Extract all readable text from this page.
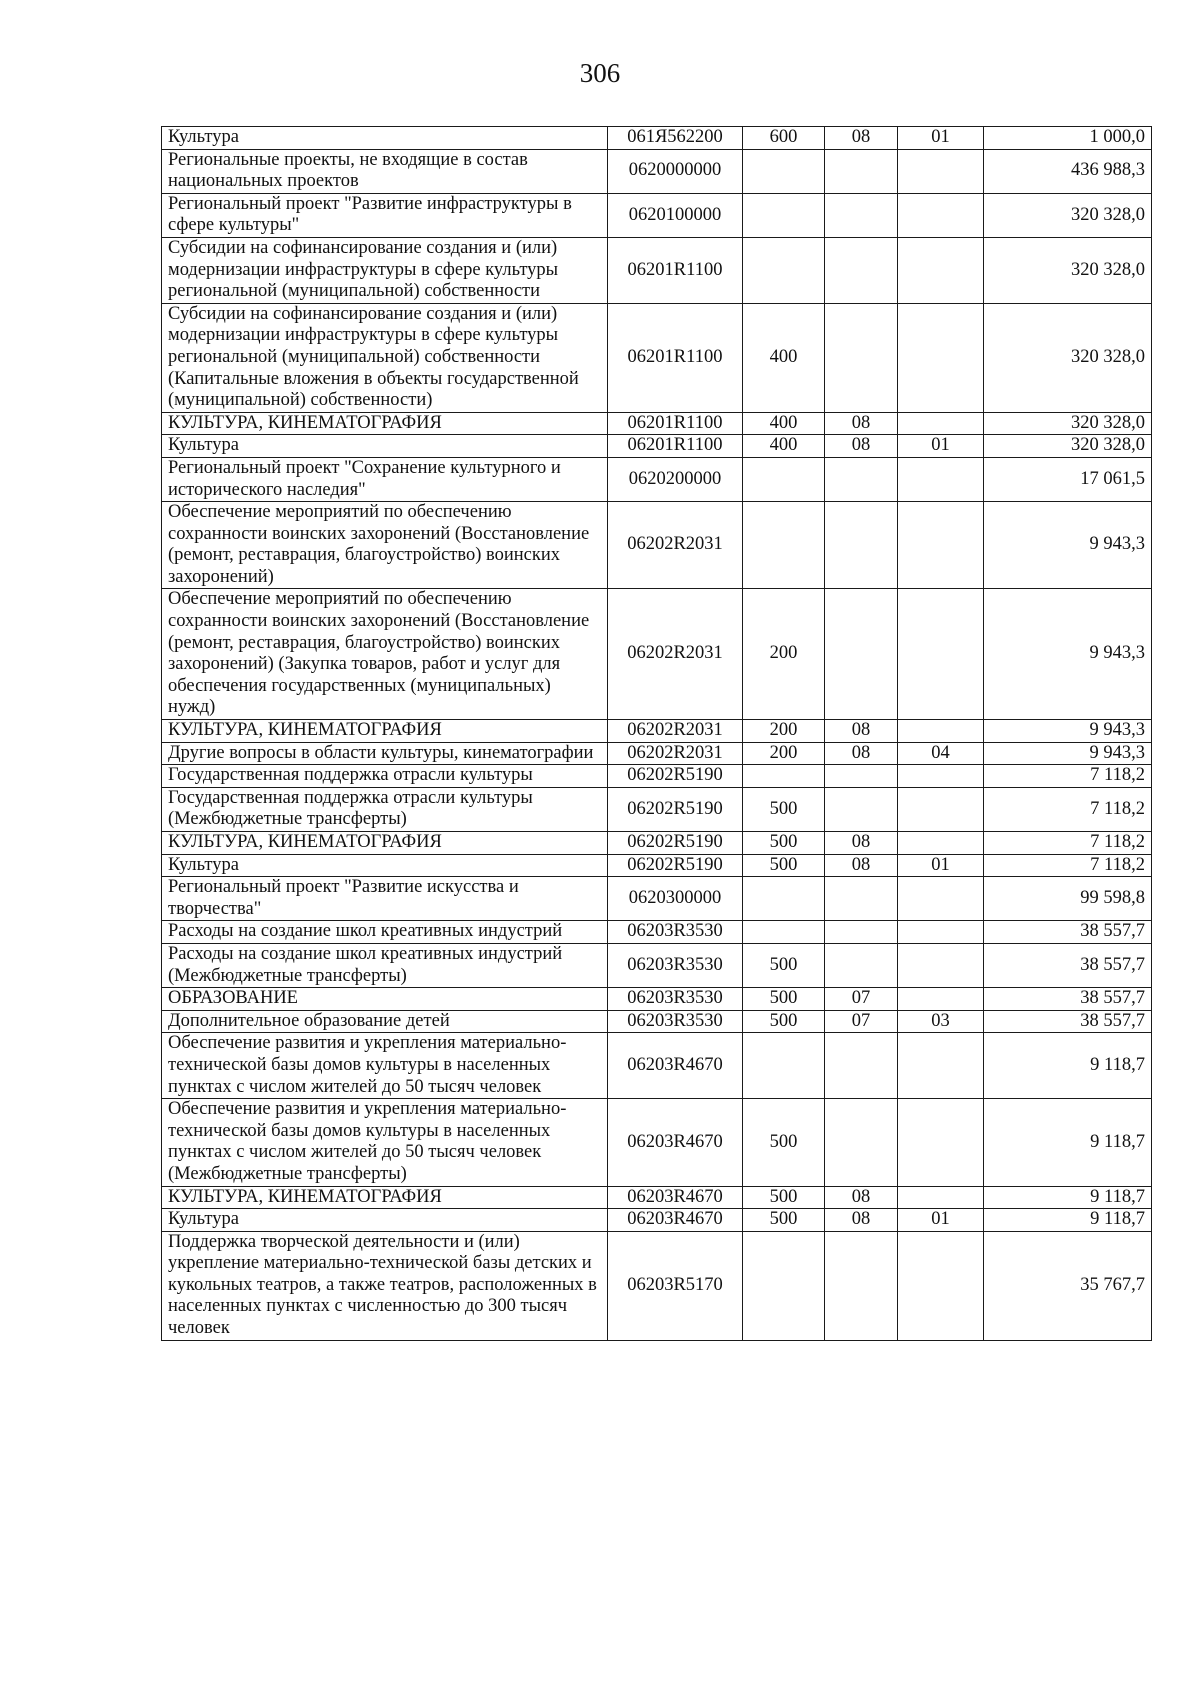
306
Культура	061Я562200	600	08	01	1 000,0
Региональные проекты, не входящие в состав национальных проектов	0620000000				436 988,3
Региональный проект "Развитие инфраструктуры в сфере культуры"	0620100000				320 328,0
Субсидии на софинансирование создания и (или) модернизации инфраструктуры в сфере культуры региональной (муниципальной) собственности	06201R1100				320 328,0
Субсидии на софинансирование создания и (или) модернизации инфраструктуры в сфере культуры региональной (муниципальной) собственности (Капитальные вложения в объекты государственной (муниципальной) собственности)	06201R1100	400			320 328,0
КУЛЬТУРА, КИНЕМАТОГРАФИЯ	06201R1100	400	08		320 328,0
Культура	06201R1100	400	08	01	320 328,0
Региональный проект "Сохранение культурного и исторического наследия"	0620200000				17 061,5
Обеспечение мероприятий по обеспечению сохранности воинских захоронений (Восстановление (ремонт, реставрация, благоустройство) воинских захоронений)	06202R2031				9 943,3
Обеспечение мероприятий по обеспечению сохранности воинских захоронений (Восстановление (ремонт, реставрация, благоустройство) воинских захоронений) (Закупка товаров, работ и услуг для обеспечения государственных (муниципальных) нужд)	06202R2031	200			9 943,3
КУЛЬТУРА, КИНЕМАТОГРАФИЯ	06202R2031	200	08		9 943,3
Другие вопросы в области культуры, кинематографии	06202R2031	200	08	04	9 943,3
Государственная поддержка отрасли культуры	06202R5190				7 118,2
Государственная поддержка отрасли культуры (Межбюджетные трансферты)	06202R5190	500			7 118,2
КУЛЬТУРА, КИНЕМАТОГРАФИЯ	06202R5190	500	08		7 118,2
Культура	06202R5190	500	08	01	7 118,2
Региональный проект "Развитие искусства и творчества"	0620300000				99 598,8
Расходы на создание школ креативных индустрий	06203R3530				38 557,7
Расходы на создание школ креативных индустрий (Межбюджетные трансферты)	06203R3530	500			38 557,7
ОБРАЗОВАНИЕ	06203R3530	500	07		38 557,7
Дополнительное образование детей	06203R3530	500	07	03	38 557,7
Обеспечение развития и укрепления материально-технической базы домов культуры в населенных пунктах с числом жителей до 50 тысяч человек	06203R4670				9 118,7
Обеспечение развития и укрепления материально-технической базы домов культуры в населенных пунктах с числом жителей до 50 тысяч человек (Межбюджетные трансферты)	06203R4670	500			9 118,7
КУЛЬТУРА, КИНЕМАТОГРАФИЯ	06203R4670	500	08		9 118,7
Культура	06203R4670	500	08	01	9 118,7
Поддержка творческой деятельности и (или) укрепление материально-технической базы детских и кукольных театров, а также театров, расположенных в населенных пунктах с численностью до 300 тысяч человек	06203R5170				35 767,7
